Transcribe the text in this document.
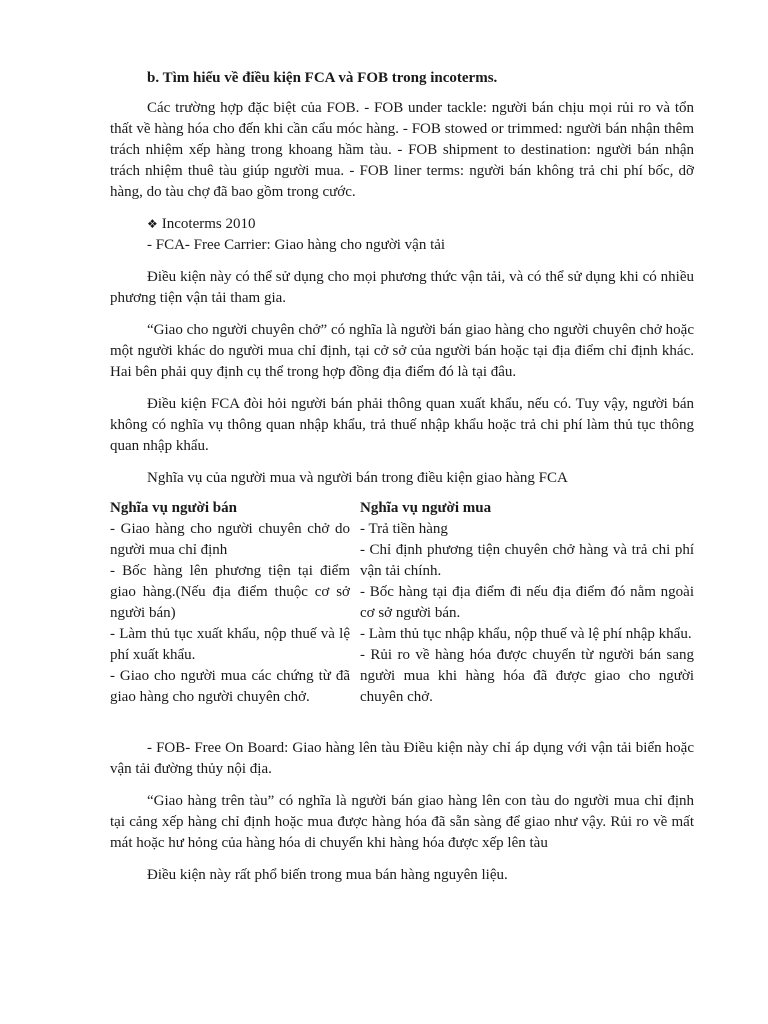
b. Tìm hiểu về điều kiện FCA và FOB trong incoterms.

Các trường hợp đặc biệt của FOB. - FOB under tackle: người bán chịu mọi rủi ro và tổn thất về hàng hóa cho đến khi cần cẩu móc hàng. - FOB stowed or trimmed: người bán nhận thêm trách nhiệm xếp hàng trong khoang hầm tàu. - FOB shipment to destination: người bán nhận trách nhiệm thuê tàu giúp người mua. - FOB liner terms: người bán không trả chi phí bốc, dỡ hàng, do tàu chợ đã bao gồm trong cước.

❖ Incoterms 2010

- FCA- Free Carrier: Giao hàng cho người vận tải

Điều kiện này có thể sử dụng cho mọi phương thức vận tải, và có thể sử dụng khi có nhiều phương tiện vận tải tham gia.

“Giao cho người chuyên chở” có nghĩa là người bán giao hàng cho người chuyên chở hoặc một người khác do người mua chỉ định, tại cở sở của người bán hoặc tại địa điểm chỉ định khác. Hai bên phải quy định cụ thể trong hợp đồng địa điểm đó là tại đâu.

Điều kiện FCA đòi hỏi người bán phải thông quan xuất khẩu, nếu có. Tuy vậy, người bán không có nghĩa vụ thông quan nhập khẩu, trả thuế nhập khẩu hoặc trả chi phí làm thủ tục thông quan nhập khẩu.

Nghĩa vụ của người mua và người bán trong điều kiện giao hàng FCA

Nghĩa vụ người bán

- Giao hàng cho người chuyên chở do người mua chỉ định

- Bốc hàng lên phương tiện tại điểm giao hàng.(Nếu địa điểm thuộc cơ sở người bán)

- Làm thủ tục xuất khẩu, nộp thuế và lệ phí xuất khẩu.

- Giao cho người mua các chứng từ đã giao hàng cho người chuyên chở.

Nghĩa vụ người mua

- Trả tiền hàng

- Chỉ định phương tiện chuyên chở hàng và trả chi phí vận tải chính.

- Bốc hàng tại địa điểm đi nếu địa điểm đó nằm ngoài cơ sở người bán.

- Làm thủ tục nhập khẩu, nộp thuế và lệ phí nhập khẩu.

- Rủi ro về hàng hóa được chuyển từ người bán sang người mua khi hàng hóa đã được giao cho người chuyên chở.

- FOB- Free On Board: Giao hàng lên tàu Điều kiện này chỉ áp dụng với vận tải biển hoặc vận tải đường thủy nội địa.

“Giao hàng trên tàu” có nghĩa là người bán giao hàng lên con tàu do người mua chỉ định tại cảng xếp hàng chỉ định hoặc mua được hàng hóa đã sẵn sàng để giao như vậy. Rủi ro về mất mát hoặc hư hỏng của hàng hóa di chuyển khi hàng hóa được xếp lên tàu

Điều kiện này rất phổ biến trong mua bán hàng nguyên liệu.
